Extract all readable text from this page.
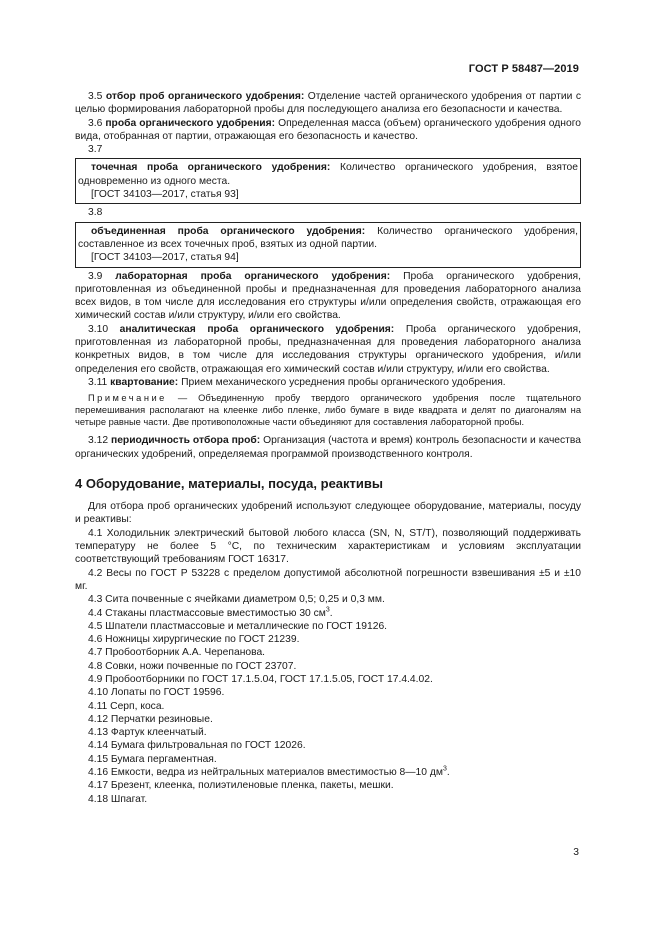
ГОСТ Р 58487—2019

3.5 отбор проб органического удобрения: Отделение частей органического удобрения от партии с целью формирования лабораторной пробы для последующего анализа его безопасности и качества.

3.6 проба органического удобрения: Определенная масса (объем) органического удобрения одного вида, отобранная от партии, отражающая его безопасность и качество.

3.7

точечная проба органического удобрения: Количество органического удобрения, взятое одновременно из одного места.

[ГОСТ 34103—2017, статья 93]

3.8

объединенная проба органического удобрения: Количество органического удобрения, составленное из всех точечных проб, взятых из одной партии.

[ГОСТ 34103—2017, статья 94]

3.9 лабораторная проба органического удобрения: Проба органического удобрения, приготовленная из объединенной пробы и предназначенная для проведения лабораторного анализа всех видов, в том числе для исследования его структуры и/или определения свойств, отражающая его химический состав и/или структуру, и/или его свойства.

3.10 аналитическая проба органического удобрения: Проба органического удобрения, приготовленная из лабораторной пробы, предназначенная для проведения лабораторного анализа конкретных видов, в том числе для исследования структуры органического удобрения, и/или определения его свойств, отражающая его химический состав и/или структуру, и/или его свойства.

3.11 квартование: Прием механического усреднения пробы органического удобрения.

Примечание — Объединенную пробу твердого органического удобрения после тщательного перемешивания располагают на клеенке либо пленке, либо бумаге в виде квадрата и делят по диагоналям на четыре равные части. Две противоположные части объединяют для составления лабораторной пробы.

3.12 периодичность отбора проб: Организация (частота и время) контроль безопасности и качества органических удобрений, определяемая программой производственного контроля.

4 Оборудование, материалы, посуда, реактивы

Для отбора проб органических удобрений используют следующее оборудование, материалы, посуду и реактивы:

4.1 Холодильник электрический бытовой любого класса (SN, N, ST/T), позволяющий поддерживать температуру не более 5 °С, по техническим характеристикам и условиям эксплуатации соответствующий требованиям ГОСТ 16317.

4.2 Весы по ГОСТ Р 53228 с пределом допустимой абсолютной погрешности взвешивания ±5 и ±10 мг.

4.3 Сита почвенные с ячейками диаметром 0,5; 0,25 и 0,3 мм.

4.4 Стаканы пластмассовые вместимостью 30 $см^3$.

4.5 Шпатели пластмассовые и металлические по ГОСТ 19126.

4.6 Ножницы хирургические по ГОСТ 21239.

4.7 Пробоотборник А.А. Черепанова.

4.8 Совки, ножи почвенные по ГОСТ 23707.

4.9 Пробоотборники по ГОСТ 17.1.5.04, ГОСТ 17.1.5.05, ГОСТ 17.4.4.02.

4.10 Лопаты по ГОСТ 19596.

4.11 Серп, коса.

4.12 Перчатки резиновые.

4.13 Фартук клеенчатый.

4.14 Бумага фильтровальная по ГОСТ 12026.

4.15 Бумага пергаментная.

4.16 Емкости, ведра из нейтральных материалов вместимостью 8—10 $дм^3$.

4.17 Брезент, клеенка, полиэтиленовые пленка, пакеты, мешки.

4.18 Шпагат.

3
